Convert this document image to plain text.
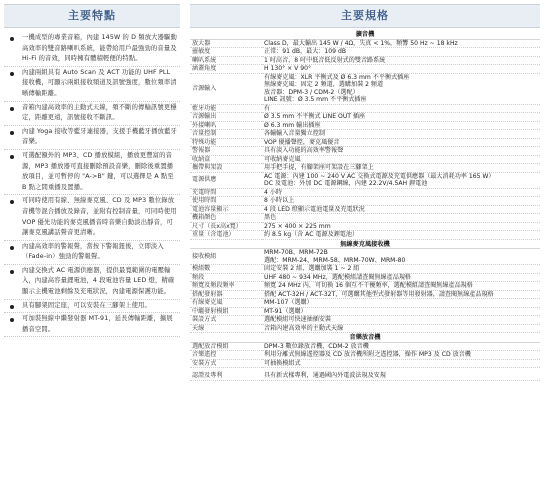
主要特點
一機成型的專業音箱，內建 145W 的 D 類放大器驅動高效率的雙音路喇叭系統，能帶給用戶最強勁的音量及 Hi-Fi 的音效，同時擁有體積輕便的特點。
內建兩組具有 Auto Scan 及 ACT 功能的 UHF PLL 接收機，可顯示兩組接收頻道及訊號強度，數位頻率清晰傳輸距離。
音箱內建高效率的主動式天線，頻不斷的傳輸訊號更穩定，距離更遠，訊號接收不斷訊。
內建 Yoga 接收等藍牙連接器，支援手機藍牙播放藍牙音樂。
可選配額外的 MP3、CD 播放模組，播放更豐富的音源，MP3 播放器可直接刪除預設音樂，刪除後重置播放項目，並可暫停的 "A->B" 鍵，可以選擇是 A 點至 B 點之間重播及置播。
可同時使用有線、無線麥克風、CD 及 MP3 數位錄放音機等混合播放及錄音，並附有控制音量，可同時使用 VOP 優先功能的麥克風播音時音樂自動淡出靜音，可讓麥克風講話聲音更清晰。
內建高效率的警報聲，當按下警報鈕後，立即淡入（Fade-in）強勁的警報聲。
內建交換式 AC 電源供應器，提供最寬範圍的電壓輸入，內建高容量鋰電池，4 段電池容量 LED 燈，精確顯示主機電池剩餘及充電狀況，內建電源保護功能。
具有腳架固定座，可以安裝在三腳架上使用。
可加裝無線中繼發射器 MT-91，延長傳輸距離，擴展播音空間。
主要規格
擴音機	
放大器	Class D，最大輸出 145 W / 4Ω，失真 < 1%，頻響 50 Hz ~ 18 kHz

靈敏度	正常：91 dB，最大：109 dB

喇叭系統	1 吋高音，8 吋中低音低反射式的雙音路系統

涵蓋角度	H 130° × V 90°

音源輸入	有線麥克風：XLR 平衡式及 Ø 6.3 mm 不平衡式插座
無線麥克風：固定 2 頻道，選購加裝 2 頻道
放音器：DPM-3 / CDM-2（選配）
LINE 訊號：Ø 3.5 mm 不平衡式插座

藍牙功能	有

音源輸出	Ø 3.5 mm 不平衡式 LINE OUT 插座

外接喇叭	Ø 6.3 mm 輸出插座

音量控制	各輸輸入音量獨立控制

特殊功能	VOP 優播聲控，麥克風優音

警報器	具有淡入功能的高效率警報聲

收納盒	可收納麥克風

攜帶與架設	用手把手提，有腳架座可架設在三腳架上

電源供應	AC 電源：內建 100 ~ 240 V AC 交換式電源及充電供應器（最大消耗功率 165 W）
DC 及電池：外加 DC 電源鋼線，內建 22.2V/4.5AH 鋰電池

充電時間	4 小時

使用時間	8 小時以上

電池容量顯示	4 段 LED 燈顯示電池電量及充電狀況

機箱顏色	黑色

尺寸（長x高x寬）	275 × 400 × 225 mm

重量（含電池）	約 8.5 kg（含 AC 電源及鋰電池）

無線麥克風接收機	
接收模組	MRM-70B、MRM-72B
選配：MRM-24、MRM-58、MRM-70W、MRM-80

模組數	固定安裝 2 組，選購加裝 1 ~ 2 組

頻段	UHF 480 ~ 934 MHz，選配模組請查閱無線產品規格

頻寬及頻段頻率	頻寬 24 MHz 內，可切換 16 個互不干擾頻率，選配模組請查閱無線產品規格

搭配發射器	搭配 ACT-32H / ACT-32T，可選購其他型式發射器等用發射器，請查閱無線產品規格

有線麥克風	MM-107（選購）

中繼發射模組	MT-91（選購）

裝設方式	選配模組可快速抽插安裝

天線	音箱內建高效率的主動式天線

音樂放音機	
選配放音模組	DPM-3 數位錄放音機，CDM-2 放音機

音樂遙控	利用分離式無線遙控器及 CD 放音機所附之遙控器，操作 MP3 及 CD 放音機

安裝方式	可抽換模組式

認證及專利	具有新式樣專利，通過國內外電波法規及安規
